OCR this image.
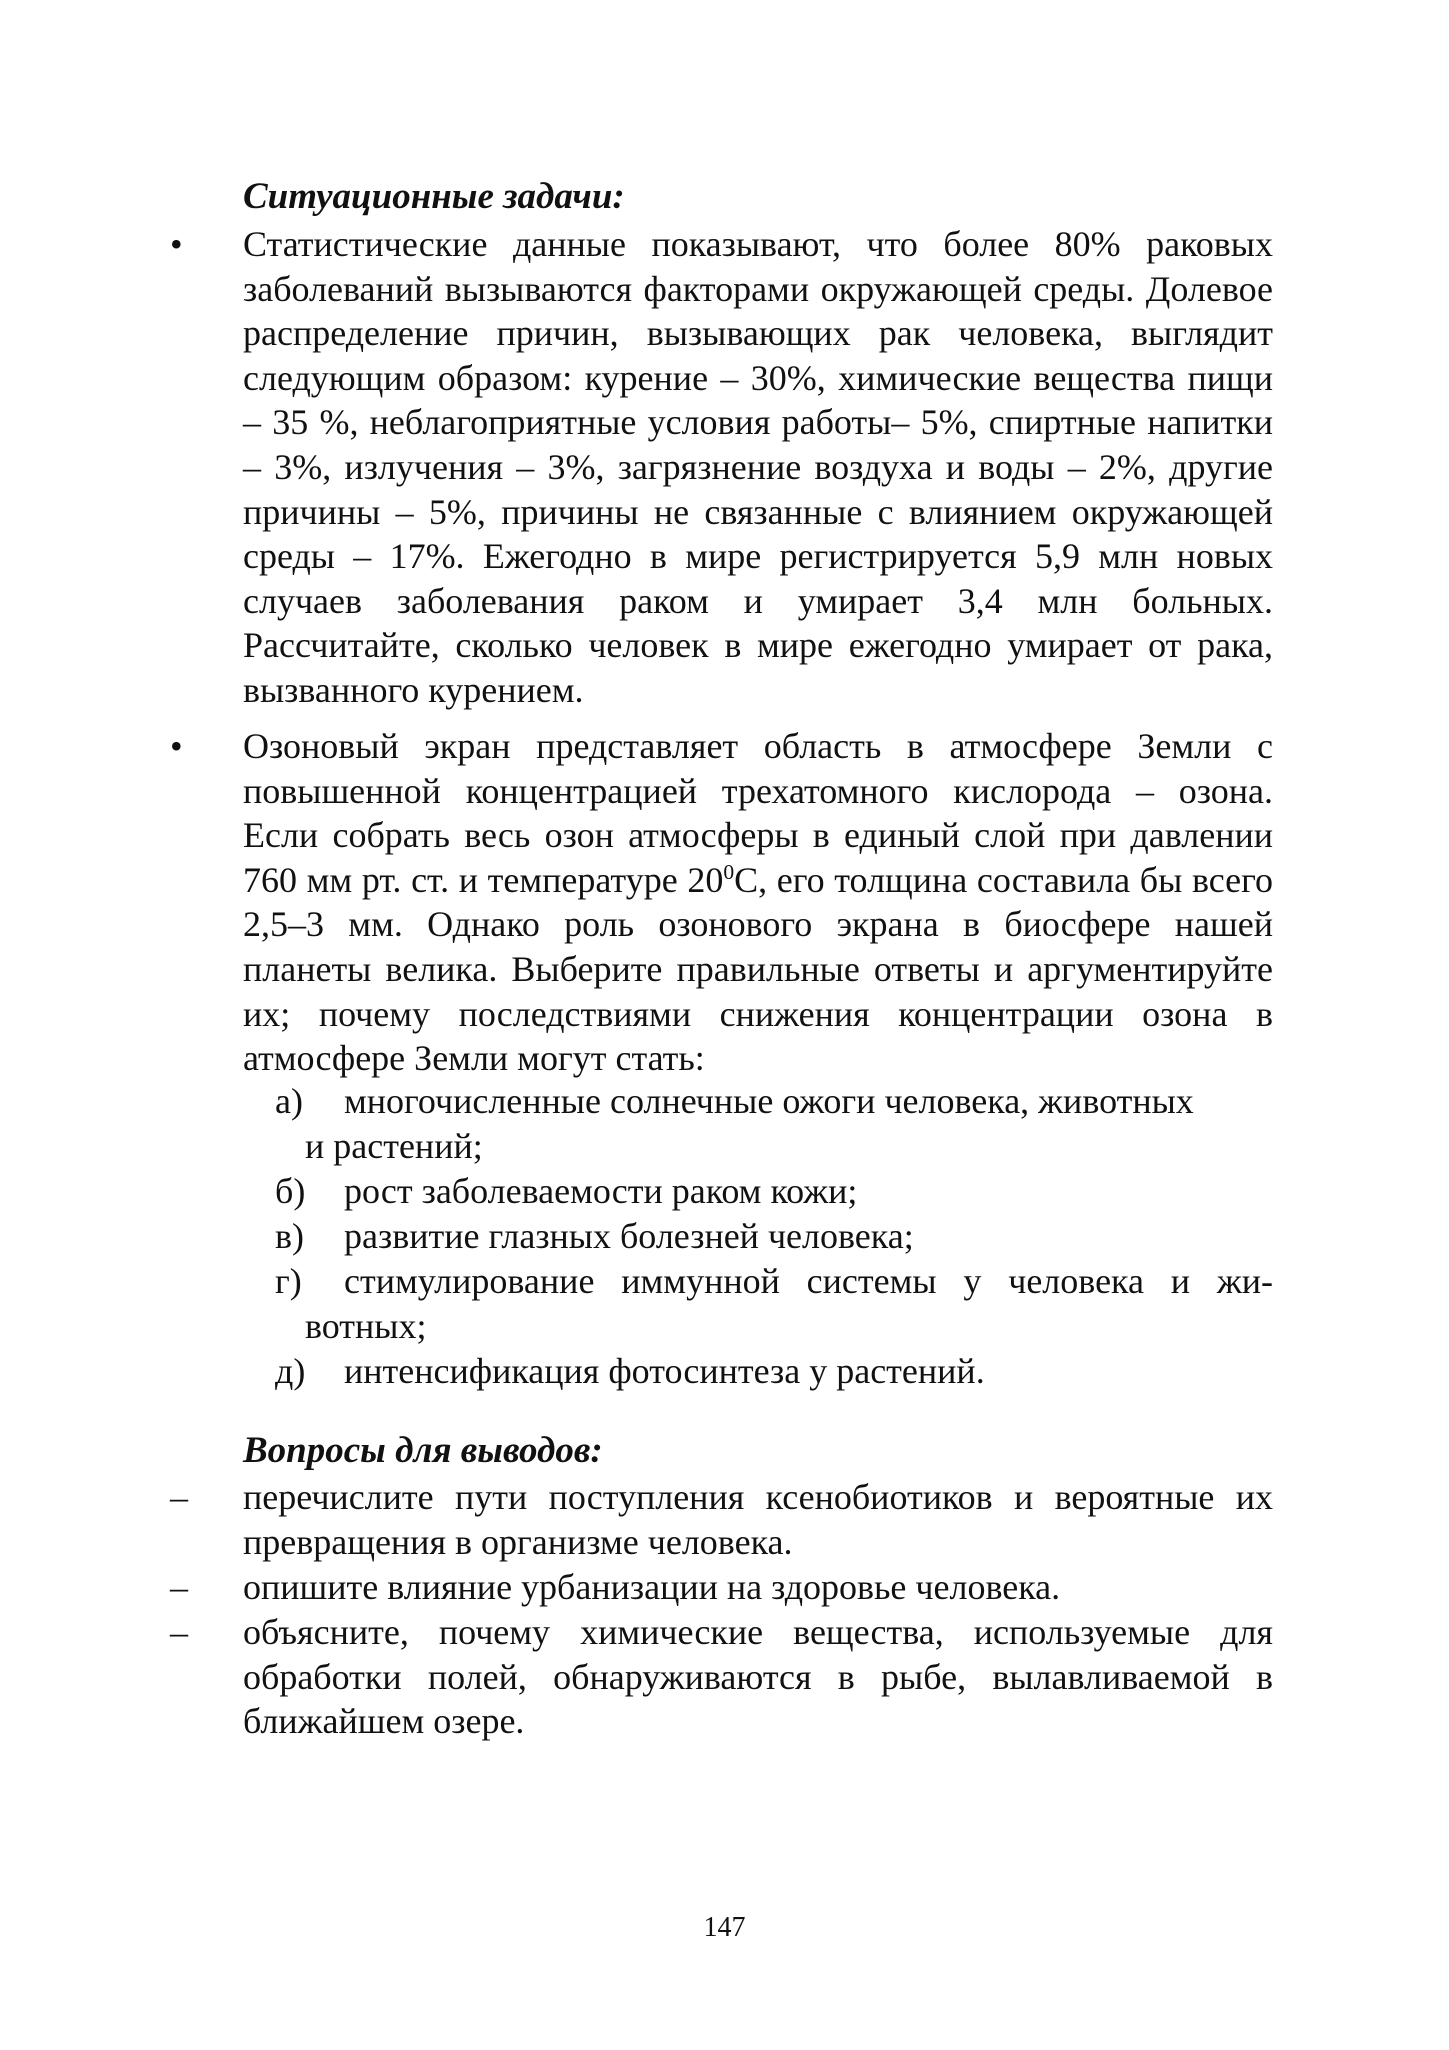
Ситуационные задачи:
• Статистические данные показывают, что более 80% раковых заболеваний вызываются факторами окружающей среды. Долевое распределение причин, вызывающих рак человека, выглядит следующим образом: курение – 30%, химические вещества пищи – 35 %, неблагоприятные условия работы– 5%, спиртные напитки – 3%, излучения – 3%, загрязнение воздуха и воды – 2%, другие причины – 5%, причины не связанные с влиянием окружающей среды – 17%. Ежегодно в мире регистрируется 5,9 млн новых случаев заболевания раком и умирает 3,4 млн больных. Рассчитайте, сколько человек в мире ежегодно умирает от рака, вызванного курением.
• Озоновый экран представляет область в атмосфере Земли с повышенной концентрацией трехатомного кислорода – озона. Если собрать весь озон атмосферы в единый слой при давлении 760 мм рт. ст. и температуре $20^0С$, его толщина составила бы всего 2,5–3 мм. Однако роль озонового экрана в биосфере нашей планеты велика. Выберите правильные ответы и аргументируйте их; почему последствиями снижения концентрации озона в атмосфере Земли могут стать:
а) многочисленные солнечные ожоги человека, животных
и растений;
б) рост заболеваемости раком кожи;
в) развитие глазных болезней человека;
г) стимулирование иммунной системы у человека и жи-
вотных;
д) интенсификация фотосинтеза у растений.
Вопросы для выводов:
– перечислите пути поступления ксенобиотиков и вероятные их превращения в организме человека.
– опишите влияние урбанизации на здоровье человека.
– объясните, почему химические вещества, используемые для обработки полей, обнаруживаются в рыбе, вылавливаемой в ближайшем озере.
147
